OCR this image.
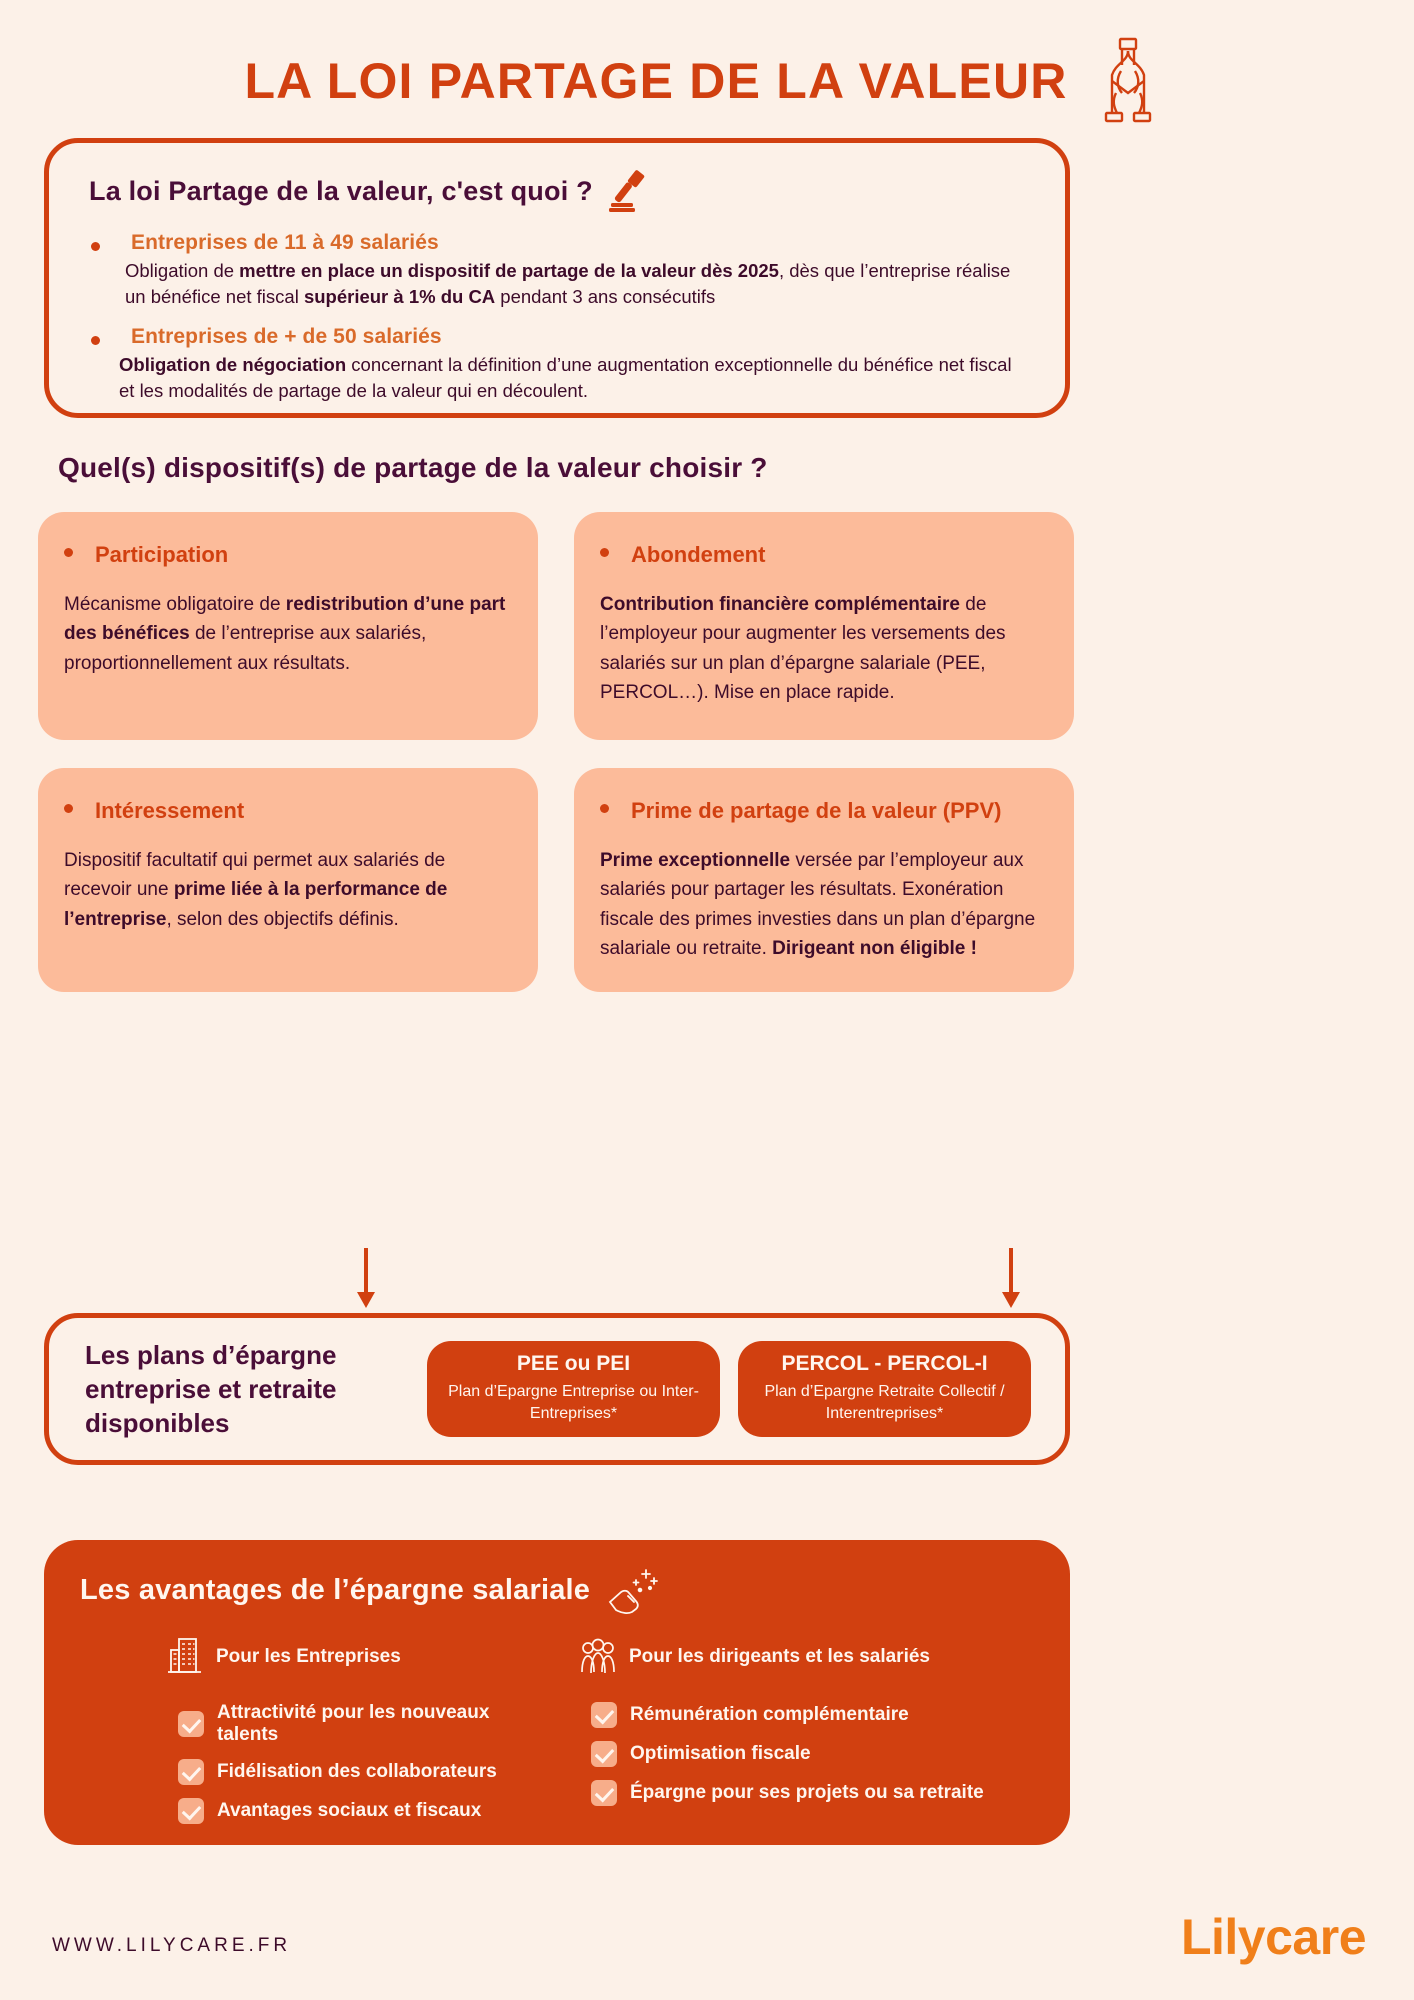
LA LOI PARTAGE DE LA VALEUR
La loi Partage de la valeur, c'est quoi ?
Entreprises de 11 à 49 salariés
Obligation de mettre en place un dispositif de partage de la valeur dès 2025, dès que l’entreprise réalise un bénéfice net fiscal supérieur à 1% du CA pendant 3 ans consécutifs
Entreprises de + de 50 salariés
Obligation de négociation concernant la définition d’une augmentation exceptionnelle du bénéfice net fiscal et les modalités de partage de la valeur qui en découlent.
Quel(s) dispositif(s) de partage de la valeur choisir ?
Participation
Mécanisme obligatoire de redistribution d’une part des bénéfices de l’entreprise aux salariés, proportionnellement aux résultats.
Abondement
Contribution financière complémentaire de l’employeur pour augmenter les versements des salariés sur un plan d’épargne salariale (PEE, PERCOL…). Mise en place rapide.
Intéressement
Dispositif facultatif qui permet aux salariés de recevoir une prime liée à la performance de l’entreprise, selon des objectifs définis.
Prime de partage de la valeur (PPV)
Prime exceptionnelle versée par l’employeur aux salariés pour partager les résultats. Exonération fiscale des primes investies dans un plan d’épargne salariale ou retraite. Dirigeant non éligible !
Les plans d’épargne entreprise et retraite disponibles
PEE ou PEI
Plan d’Epargne Entreprise ou Inter-Entreprises*
PERCOL - PERCOL-I
Plan d’Epargne Retraite Collectif / Interentreprises*
Les avantages de l’épargne salariale
Pour les Entreprises
Attractivité pour les nouveaux talents
Fidélisation des collaborateurs
Avantages sociaux et fiscaux
Pour les dirigeants et les salariés
Rémunération complémentaire
Optimisation fiscale
Épargne pour ses projets ou sa retraite
WWW.LILYCARE.FR	Lilycare
